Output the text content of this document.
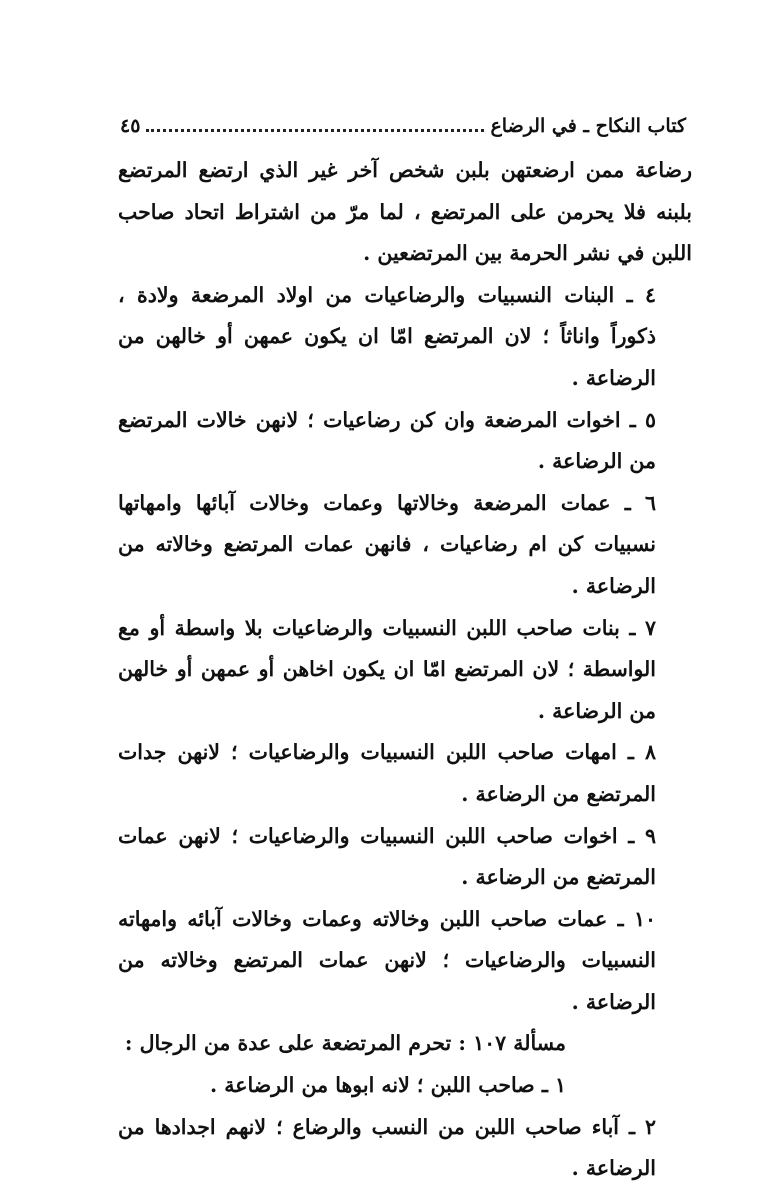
كتاب النكاح ـ في الرضاع
٤٥

رضاعة ممن ارضعتهن بلبن شخص آخر غير الذي ارتضع المرتضع بلبنه فلا يحرمن على المرتضع ، لما مرّ من اشتراط اتحاد صاحب اللبن في نشر الحرمة بين المرتضعين .

٤ ـ البنات النسبيات والرضاعيات من اولاد المرضعة ولادة ، ذكوراً واناثاً ؛ لان المرتضع امّا ان يكون عمهن أو خالهن من الرضاعة .

٥ ـ اخوات المرضعة وان كن رضاعيات ؛ لانهن خالات المرتضع من الرضاعة .

٦ ـ عمات المرضعة وخالاتها وعمات وخالات آبائها وامهاتها نسبيات كن ام رضاعيات ، فانهن عمات المرتضع وخالاته من الرضاعة .

٧ ـ بنات صاحب اللبن النسبيات والرضاعيات بلا واسطة أو مع الواسطة ؛ لان المرتضع امّا ان يكون اخاهن أو عمهن أو خالهن من الرضاعة .

٨ ـ امهات صاحب اللبن النسبيات والرضاعيات ؛ لانهن جدات المرتضع من الرضاعة .

٩ ـ اخوات صاحب اللبن النسبيات والرضاعيات ؛ لانهن عمات المرتضع من الرضاعة .

١٠ ـ عمات صاحب اللبن وخالاته وعمات وخالات آبائه وامهاته النسبيات والرضاعيات ؛ لانهن عمات المرتضع وخالاته من الرضاعة .

مسألة ١٠٧ : تحرم المرتضعة على عدة من الرجال :

١ ـ صاحب اللبن ؛ لانه ابوها من الرضاعة .

٢ ـ آباء صاحب اللبن من النسب والرضاع ؛ لانهم اجدادها من الرضاعة .
